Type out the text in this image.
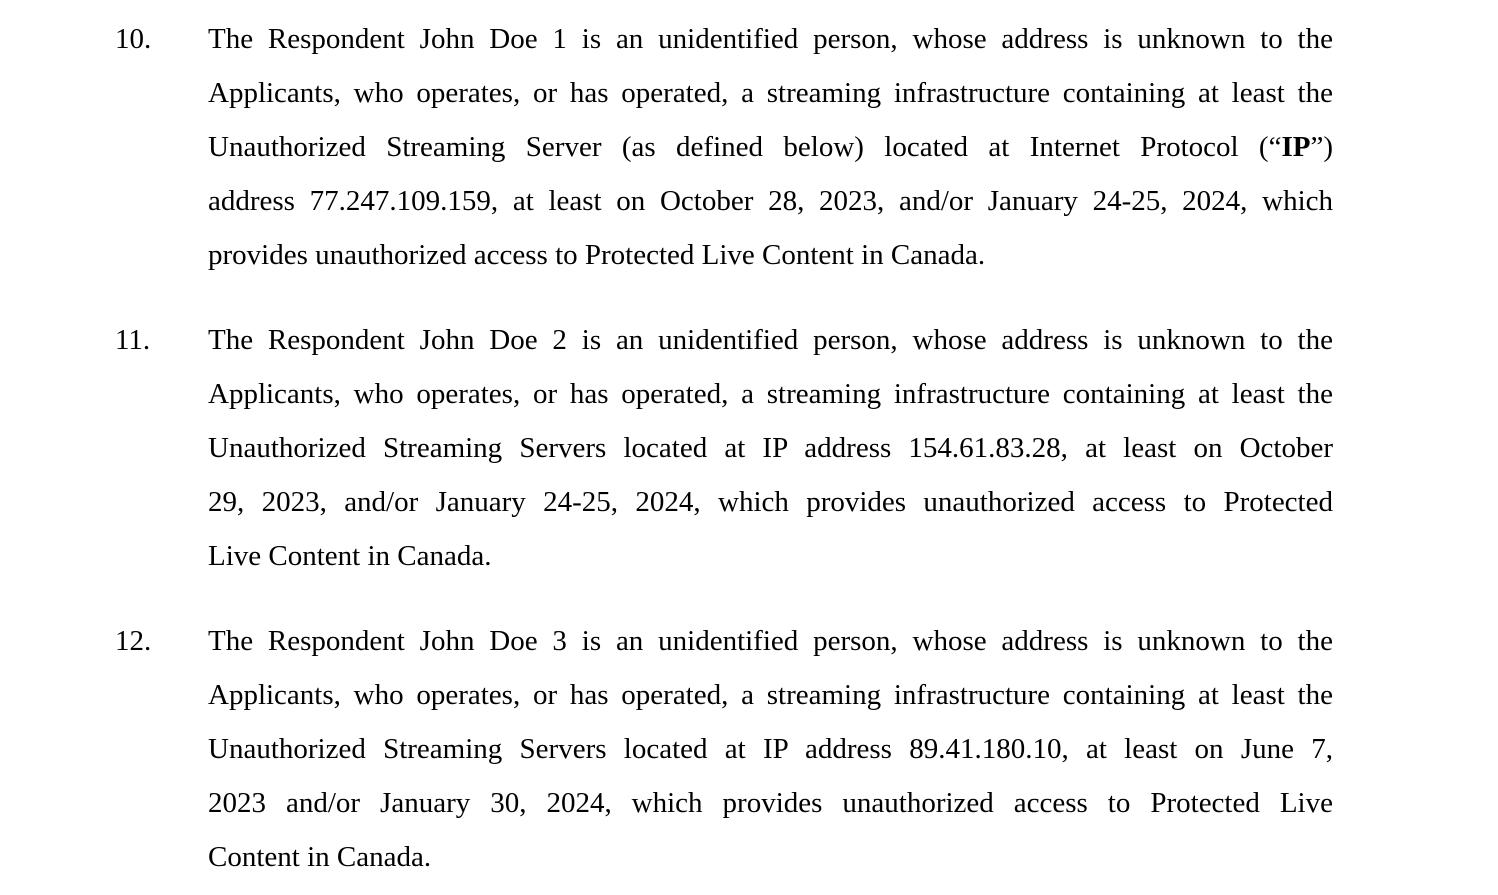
10. The Respondent John Doe 1 is an unidentified person, whose address is unknown to the
Applicants, who operates, or has operated, a streaming infrastructure containing at least the
Unauthorized Streaming Server (as defined below) located at Internet Protocol (“IP”)
address 77.247.109.159, at least on October 28, 2023, and/or January 24-25, 2024, which
provides unauthorized access to Protected Live Content in Canada.
11. The Respondent John Doe 2 is an unidentified person, whose address is unknown to the
Applicants, who operates, or has operated, a streaming infrastructure containing at least the
Unauthorized Streaming Servers located at IP address 154.61.83.28, at least on October
29, 2023, and/or January 24-25, 2024, which provides unauthorized access to Protected
Live Content in Canada.
12. The Respondent John Doe 3 is an unidentified person, whose address is unknown to the
Applicants, who operates, or has operated, a streaming infrastructure containing at least the
Unauthorized Streaming Servers located at IP address 89.41.180.10, at least on June 7,
2023 and/or January 30, 2024, which provides unauthorized access to Protected Live
Content in Canada.
